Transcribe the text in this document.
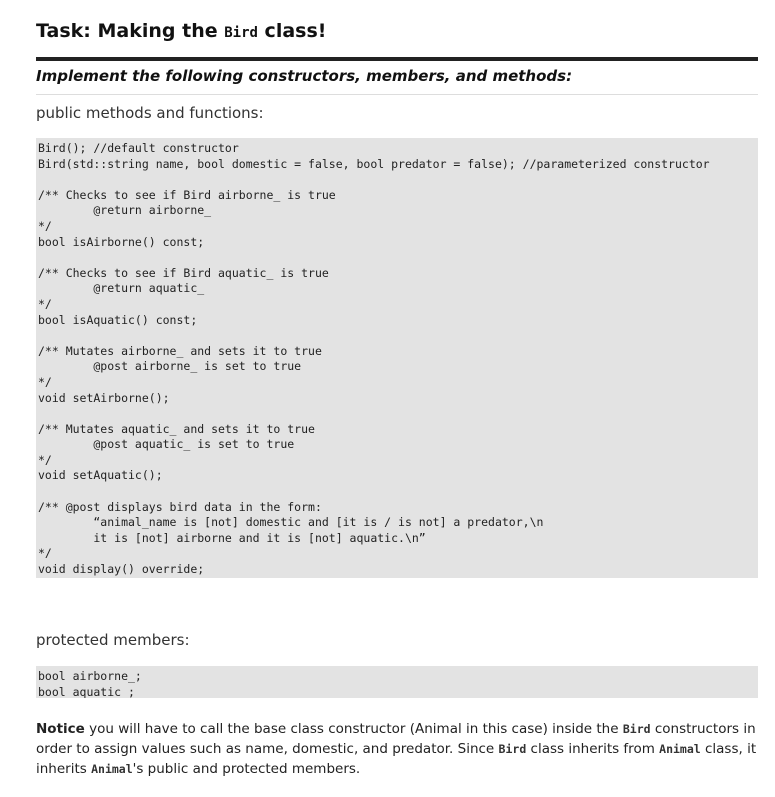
Task: Making the Bird class!
Implement the following constructors, members, and methods:
public methods and functions:
Bird(); //default constructor
Bird(std::string name, bool domestic = false, bool predator = false); //parameterized constructor
/** Checks to see if Bird airborne_ is true
@return airborne_
*/
bool isAirborne() const;
/** Checks to see if Bird aquatic_ is true
@return aquatic_
*/
bool isAquatic() const;
/** Mutates airborne_ and sets it to true
@post airborne_ is set to true
*/
void setAirborne();
/** Mutates aquatic_ and sets it to true
@post aquatic_ is set to true
*/
void setAquatic();
/** @post displays bird data in the form:
“animal_name is [not] domestic and [it is / is not] a predator,\n
it is [not] airborne and it is [not] aquatic.\n”
*/
void display() override;
protected members:
bool airborne_;
bool aquatic_;
Notice you will have to call the base class constructor (Animal in this case) inside the Bird constructors in order to assign values such as name, domestic, and predator. Since Bird class inherits from Animal class, it inherits Animal's public and protected members.
